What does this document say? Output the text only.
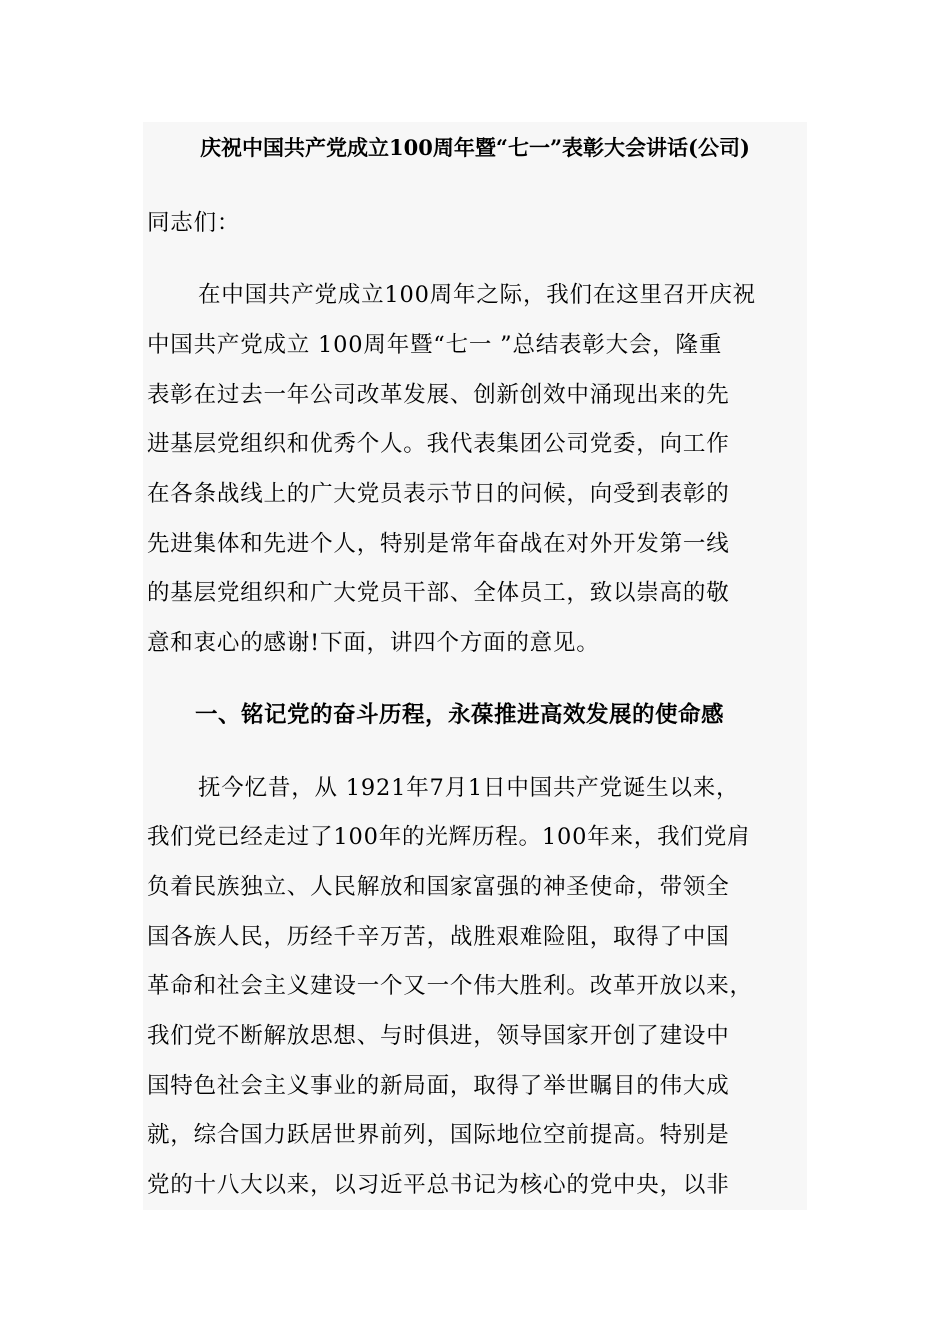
庆祝中国共产党成立100周年暨“七一”表彰大会讲话(公司)
同志们：
在中国共产党成立100周年之际，我们在这里召开庆祝
中国共产党成立 100周年暨“七一 ”总结表彰大会，隆重
表彰在过去一年公司改革发展、创新创效中涌现出来的先
进基层党组织和优秀个人。我代表集团公司党委，向工作
在各条战线上的广大党员表示节日的问候，向受到表彰的
先进集体和先进个人，特别是常年奋战在对外开发第一线
的基层党组织和广大党员干部、全体员工，致以崇高的敬
意和衷心的感谢!下面，讲四个方面的意见。
一、铭记党的奋斗历程，永葆推进高效发展的使命感
抚今忆昔，从 1921年7月1日中国共产党诞生以来，
我们党已经走过了100年的光辉历程。100年来，我们党肩
负着民族独立、人民解放和国家富强的神圣使命，带领全
国各族人民，历经千辛万苦，战胜艰难险阻，取得了中国
革命和社会主义建设一个又一个伟大胜利。改革开放以来，
我们党不断解放思想、与时俱进，领导国家开创了建设中
国特色社会主义事业的新局面，取得了举世瞩目的伟大成
就，综合国力跃居世界前列，国际地位空前提高。特别是
党的十八大以来，以习近平总书记为核心的党中央，以非
